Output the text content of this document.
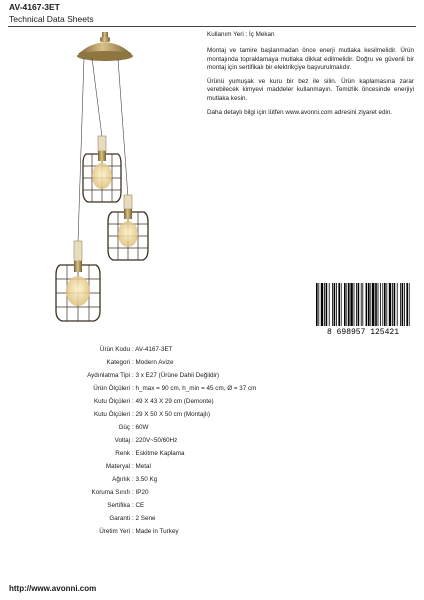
AV-4167-3ET
Technical Data Sheets

Kullanım Yeri : İç Mekan

Montaj ve tamire başlanmadan önce enerji mutlaka kesilmelidir. Ürün montajında topraklamaya mutlaka dikkat edilmelidir. Doğru ve güvenli bir montaj için sertifikalı bir elektrikçiye başvurulmalıdır.

Ürünü yumuşak ve kuru bir bez ile silin. Ürün kaplamasına zarar verebilecek kimyevi maddeler kullanmayın. Temizlik öncesinde enerjiyi mutlaka kesin.

Daha detaylı bilgi için lütfen www.avonni.com adresini ziyaret edin.

8 698957 125421
Ürün Kodu : AV-4167-3ET
Kategori : Modern Avize
Aydınlatma Tipi : 3 x E27 (Ürüne Dahil Değildir)
Ürün Ölçüleri : h_max = 90 cm, h_min = 45 cm, Ø = 37 cm
Kutu Ölçüleri : 49 X 43 X 29 cm (Demonte)
Kutu Ölçüleri : 29 X 50 X 50 cm (Montajlı)
Güç : 60W
Voltaj : 220V~50/60Hz
Renk : Eskitme Kaplama
Materyal : Metal
Ağırlık : 3.50 Kg
Koruma Sınıfı : IP20
Sertifika : CE
Garanti : 2 Sene
Üretim Yeri : Made in Turkey
http://www.avonni.com
